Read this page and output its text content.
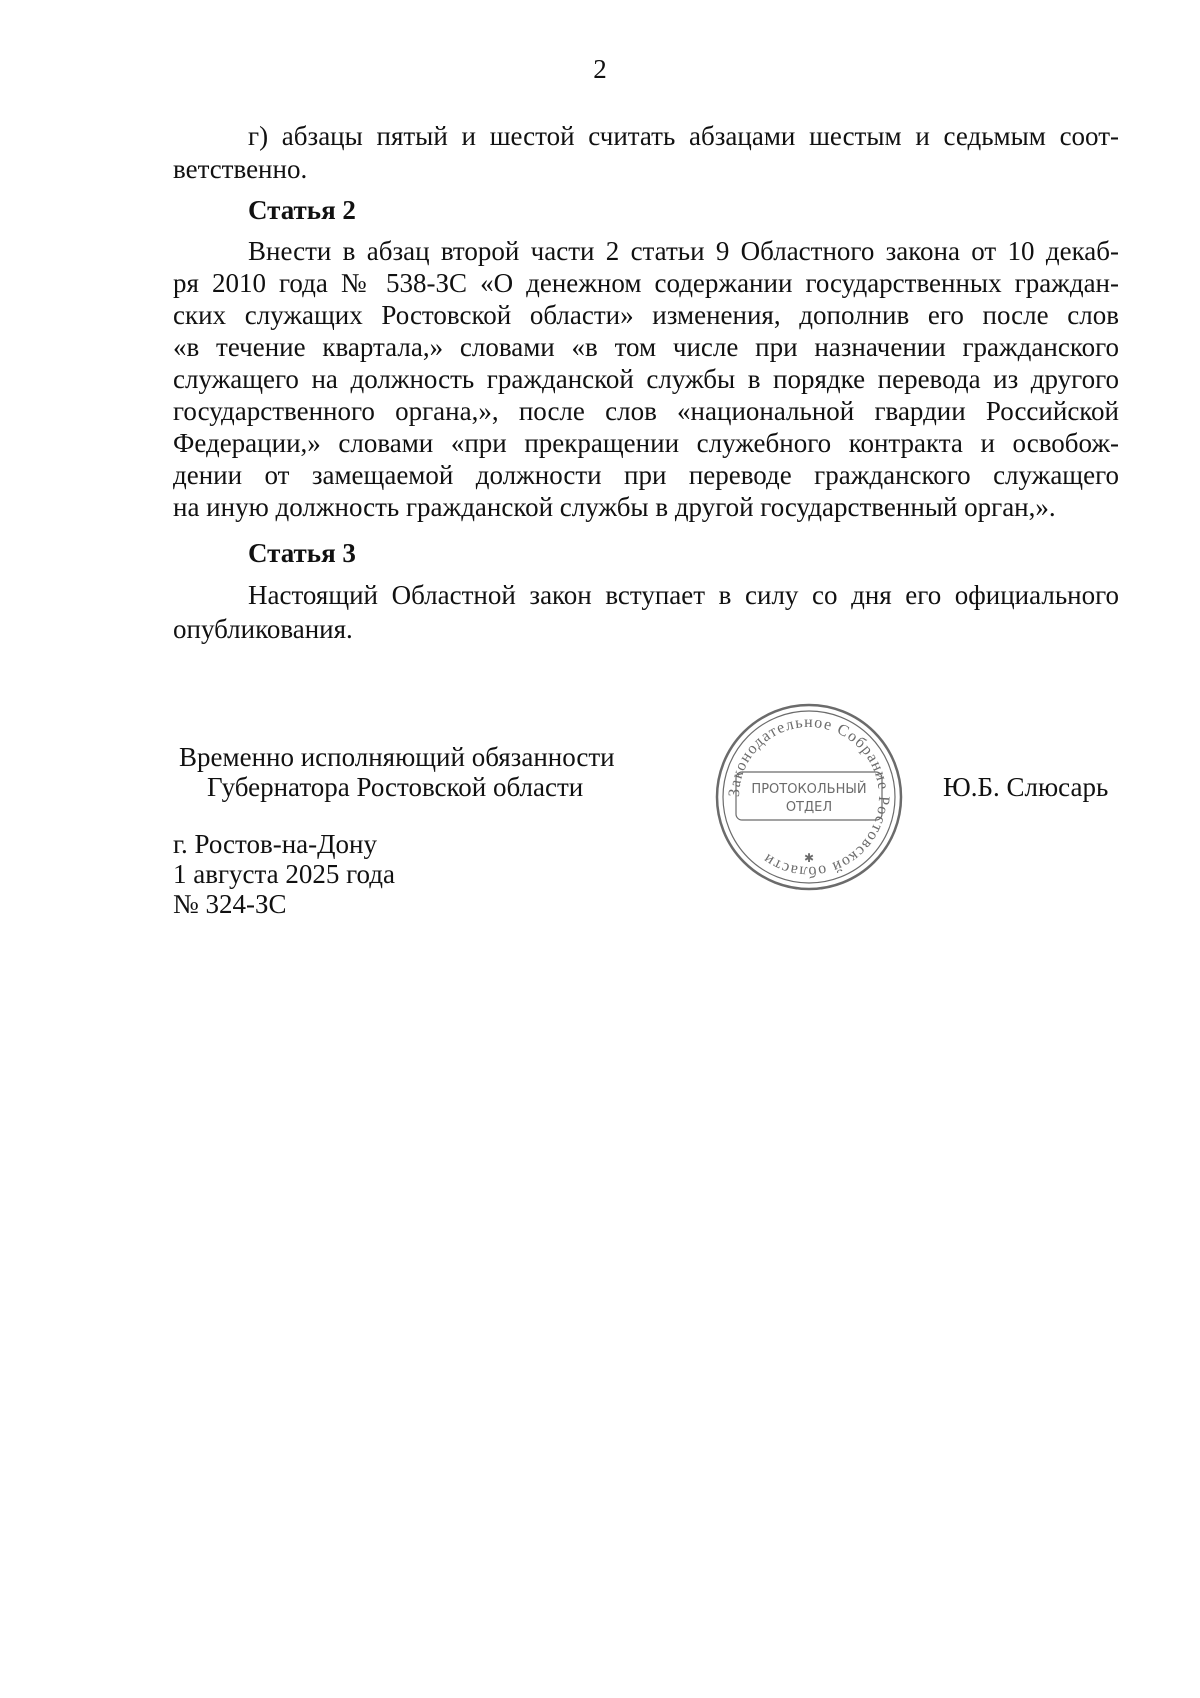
2

г) абзацы пятый и шестой считать абзацами шестым и седьмым соот-

ветственно.

Статья 2

Внести в абзац второй части 2 статьи 9 Областного закона от 10 декаб-

ря 2010 года № 538-ЗС «О денежном содержании государственных граждан-

ских служащих Ростовской области» изменения, дополнив его после слов

«в течение квартала,» словами «в том числе при назначении гражданского

служащего на должность гражданской службы в порядке перевода из другого

государственного органа,», после слов «национальной гвардии Российской

Федерации,» словами «при прекращении служебного контракта и освобож-

дении от замещаемой должности при переводе гражданского служащего

на иную должность гражданской службы в другой государственный орган,».

Статья 3

Настоящий Областной закон вступает в силу со дня его официального

опубликования.

Временно исполняющий обязанности
Губернатора Ростовской области	Ю.Б. Слюсарь
г. Ростов-на-Дону
1 августа 2025 года
№ 324-ЗС
Законодательное Собрание Ростовской области
ПРОТОКОЛЬНЫЙ
ОТДЕЛ
✱
